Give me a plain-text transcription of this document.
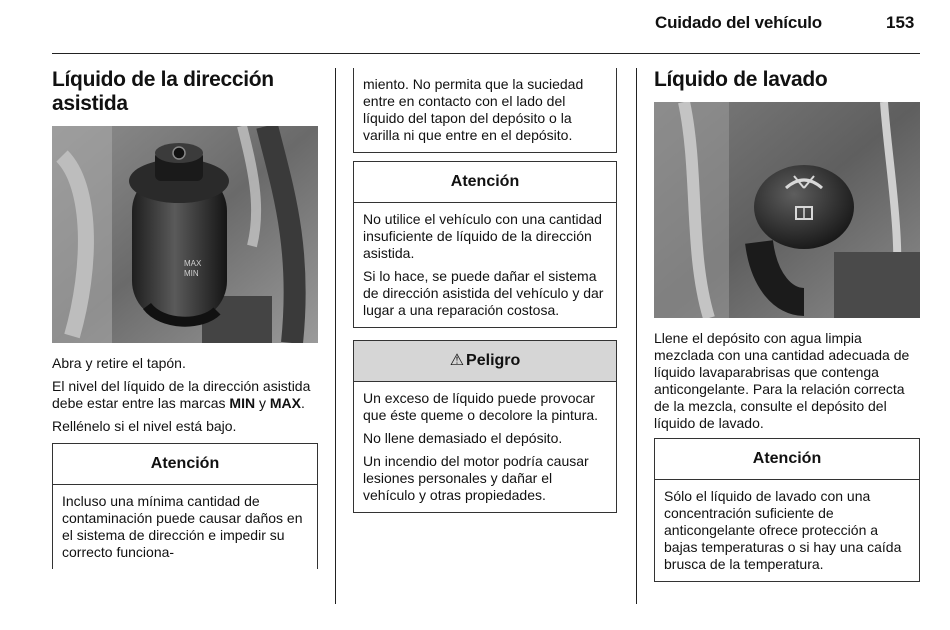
Cuidado del vehículo	153
Líquido de la dirección asistida
MAX
MIN

Abra y retire el tapón.

El nivel del líquido de la dirección asistida debe estar entre las marcas MIN y MAX.

Rellénelo si el nivel está bajo.

Atención

Incluso una mínima cantidad de contaminación puede causar daños en el sistema de dirección e impedir su correcto funciona-

miento. No permita que la suciedad entre en contacto con el lado del líquido del tapon del depósito o la varilla ni que entre en el depósito.

Atención

No utilice el vehículo con una cantidad insuficiente de líquido de la dirección asistida.

Si lo hace, se puede dañar el sistema de dirección asistida del vehículo y dar lugar a una reparación costosa.

⚠ Peligro

Un exceso de líquido puede provocar que éste queme o decolore la pintura.

No llene demasiado el depósito.

Un incendio del motor podría causar lesiones personales y dañar el vehículo y otras propiedades.

Líquido de lavado

Llene el depósito con agua limpia mezclada con una cantidad adecuada de líquido lavaparabrisas que contenga anticongelante. Para la relación correcta de la mezcla, consulte el depósito del líquido de lavado.

Atención

Sólo el líquido de lavado con una concentración suficiente de anticongelante ofrece protección a bajas temperaturas o si hay una caída brusca de la temperatura.
